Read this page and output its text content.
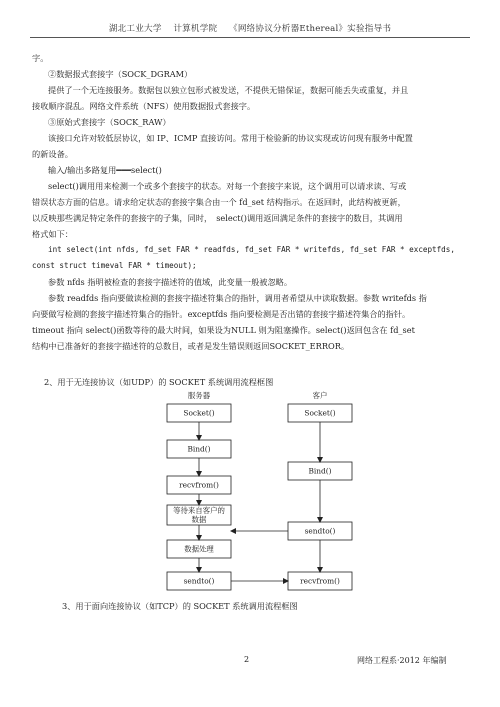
湖北工业大学　 计算机学院　 《网络协议分析器Ethereal》实验指导书
字。
②数据报式套接字（SOCK_DGRAM）
提供了一个无连接服务。数据包以独立包形式被发送，不提供无错保证，数据可能丢失或重复，并且
接收顺序混乱。网络文件系统（NFS）使用数据报式套接字。
③原始式套接字（SOCK_RAW）
该接口允许对较低层协议，如 IP、ICMP 直接访问。常用于检验新的协议实现或访问现有服务中配置
的新设备。
输入/输出多路复用━━━select()
select()调用用来检测一个或多个套接字的状态。对每一个套接字来说，这个调用可以请求读、写或
错误状态方面的信息。请求给定状态的套接字集合由一个 fd_set 结构指示。在返回时，此结构被更新，
以反映那些满足特定条件的套接字的子集，同时，　select()调用返回满足条件的套接字的数目，其调用
格式如下：
int select(int nfds, fd_set FAR * readfds, fd_set FAR * writefds, fd_set FAR * exceptfds,
const struct timeval FAR * timeout);
参数 nfds 指明被检查的套接字描述符的值域，此变量一般被忽略。
参数 readfds 指向要做读检测的套接字描述符集合的指针，调用者希望从中读取数据。参数 writefds 指
向要做写检测的套接字描述符集合的指针。exceptfds 指向要检测是否出错的套接字描述符集合的指针。
timeout 指向 select()函数等待的最大时间，如果设为NULL 则为阻塞操作。select()返回包含在 fd_set
结构中已准备好的套接字描述符的总数目，或者是发生错误则返回SOCKET_ERROR。
2、用于无连接协议（如UDP）的 SOCKET 系统调用流程框图
服务器	客户
Socket()
Bind()
recvfrom()
等待来自客户的
数据
数据处理
sendto()
Socket()
Bind()
sendto()
recvfrom()
3、用于面向连接协议（如TCP）的 SOCKET 系统调用流程框图
2	网络工程系·2012 年编制
